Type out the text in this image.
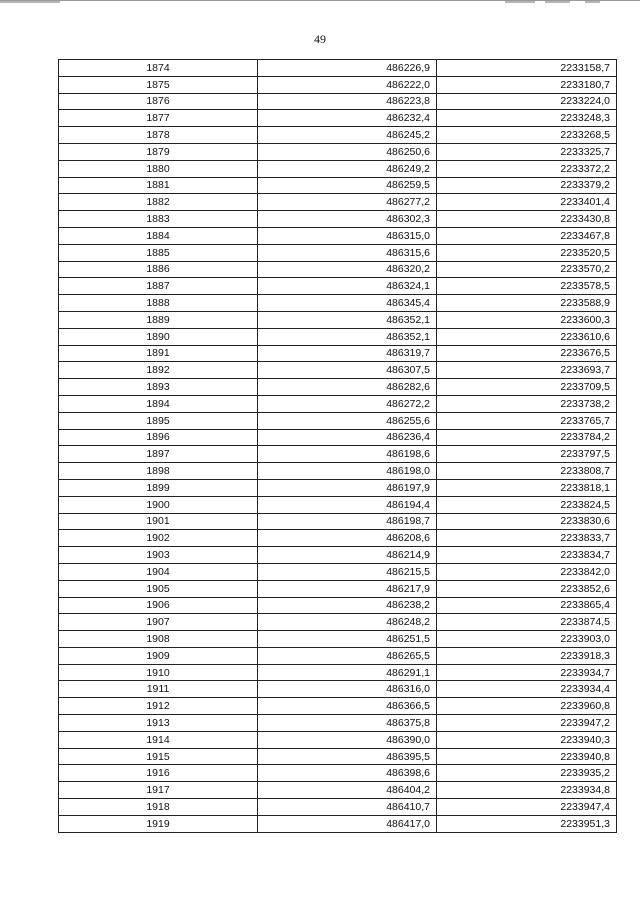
49
1874	486226,9	2233158,7
1875	486222,0	2233180,7
1876	486223,8	2233224,0
1877	486232,4	2233248,3
1878	486245,2	2233268,5
1879	486250,6	2233325,7
1880	486249,2	2233372,2
1881	486259,5	2233379,2
1882	486277,2	2233401,4
1883	486302,3	2233430,8
1884	486315,0	2233467,8
1885	486315,6	2233520,5
1886	486320,2	2233570,2
1887	486324,1	2233578,5
1888	486345,4	2233588,9
1889	486352,1	2233600,3
1890	486352,1	2233610,6
1891	486319,7	2233676,5
1892	486307,5	2233693,7
1893	486282,6	2233709,5
1894	486272,2	2233738,2
1895	486255,6	2233765,7
1896	486236,4	2233784,2
1897	486198,6	2233797,5
1898	486198,0	2233808,7
1899	486197,9	2233818,1
1900	486194,4	2233824,5
1901	486198,7	2233830,6
1902	486208,6	2233833,7
1903	486214,9	2233834,7
1904	486215,5	2233842,0
1905	486217,9	2233852,6
1906	486238,2	2233865,4
1907	486248,2	2233874,5
1908	486251,5	2233903,0
1909	486265,5	2233918,3
1910	486291,1	2233934,7
1911	486316,0	2233934,4
1912	486366,5	2233960,8
1913	486375,8	2233947,2
1914	486390,0	2233940,3
1915	486395,5	2233940,8
1916	486398,6	2233935,2
1917	486404,2	2233934,8
1918	486410,7	2233947,4
1919	486417,0	2233951,3
